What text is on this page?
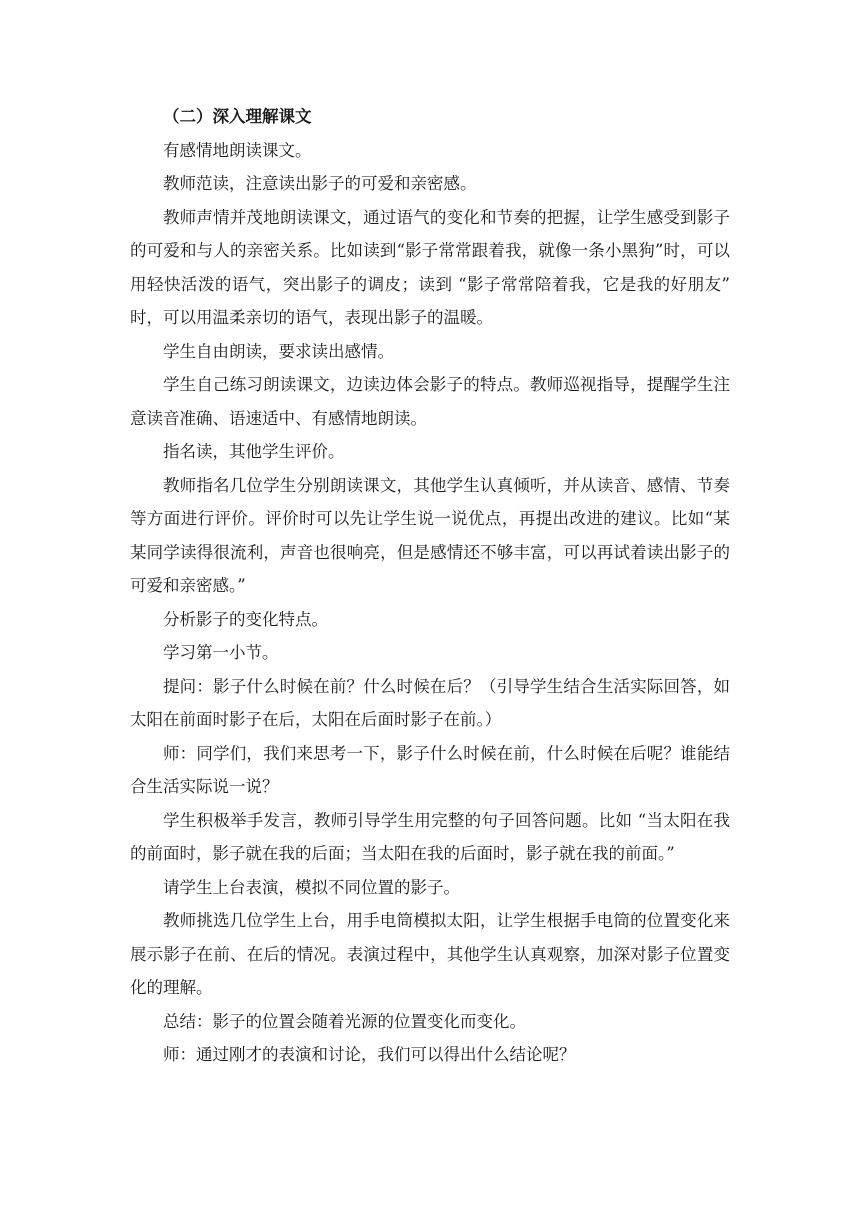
（二）深入理解课文

有感情地朗读课文。

教师范读，注意读出影子的可爱和亲密感。

教师声情并茂地朗读课文，通过语气的变化和节奏的把握，让学生感受到影子的可爱和与人的亲密关系。比如读到“影子常常跟着我，就像一条小黑狗”时，可以用轻快活泼的语气，突出影子的调皮；读到 “影子常常陪着我，它是我的好朋友” 时，可以用温柔亲切的语气，表现出影子的温暖。

学生自由朗读，要求读出感情。

学生自己练习朗读课文，边读边体会影子的特点。教师巡视指导，提醒学生注意读音准确、语速适中、有感情地朗读。

指名读，其他学生评价。

教师指名几位学生分别朗读课文，其他学生认真倾听，并从读音、感情、节奏等方面进行评价。评价时可以先让学生说一说优点，再提出改进的建议。比如“某某同学读得很流利，声音也很响亮，但是感情还不够丰富，可以再试着读出影子的可爱和亲密感。”

分析影子的变化特点。

学习第一小节。

提问：影子什么时候在前？什么时候在后？（引导学生结合生活实际回答，如太阳在前面时影子在后，太阳在后面时影子在前。）

师：同学们，我们来思考一下，影子什么时候在前，什么时候在后呢？谁能结合生活实际说一说？

学生积极举手发言，教师引导学生用完整的句子回答问题。比如 “当太阳在我的前面时，影子就在我的后面；当太阳在我的后面时，影子就在我的前面。”

请学生上台表演，模拟不同位置的影子。

教师挑选几位学生上台，用手电筒模拟太阳，让学生根据手电筒的位置变化来展示影子在前、在后的情况。表演过程中，其他学生认真观察，加深对影子位置变化的理解。

总结：影子的位置会随着光源的位置变化而变化。

师：通过刚才的表演和讨论，我们可以得出什么结论呢？
